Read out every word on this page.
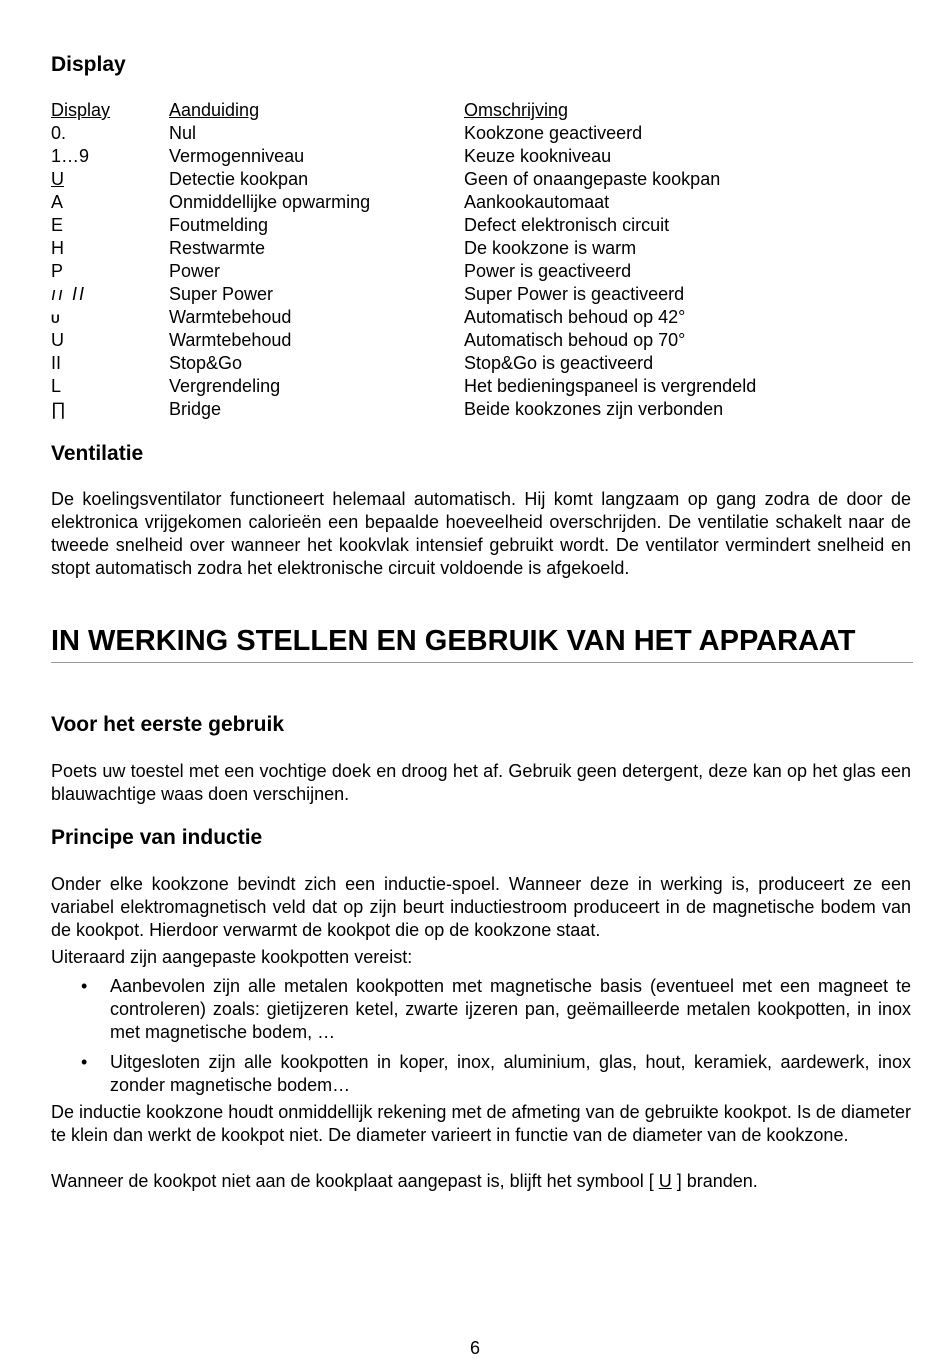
Display
Display	Aanduiding	Omschrijving
0.	Nul	Kookzone geactiveerd
1…9	Vermogenniveau	Keuze kookniveau
U	Detectie kookpan	Geen of onaangepaste kookpan
A	Onmiddellijke opwarming	Aankookautomaat
E	Foutmelding	Defect elektronisch circuit
H	Restwarmte	De kookzone is warm
P	Power	Power is geactiveerd
ıı II	Super Power	Super Power is geactiveerd
U	Warmtebehoud	Automatisch behoud op 42°
U	Warmtebehoud	Automatisch behoud op 70°
II	Stop&Go	Stop&Go is geactiveerd
L	Vergrendeling	Het bedieningspaneel is vergrendeld
∏	Bridge	Beide kookzones zijn verbonden
Ventilatie

De koelingsventilator functioneert helemaal automatisch. Hij komt langzaam op gang zodra de door de elektronica vrijgekomen calorieën een bepaalde hoeveelheid overschrijden. De ventilatie schakelt naar de tweede snelheid over wanneer het kookvlak intensief gebruikt wordt. De ventilator vermindert snelheid en stopt automatisch zodra het elektronische circuit voldoende is afgekoeld.

IN WERKING STELLEN EN GEBRUIK VAN HET APPARAAT
Voor het eerste gebruik

Poets uw toestel met een vochtige doek en droog het af. Gebruik geen detergent, deze kan op het glas een blauwachtige waas doen verschijnen.

Principe van inductie

Onder elke kookzone bevindt zich een inductie-spoel. Wanneer deze in werking is, produceert ze een variabel elektromagnetisch veld dat op zijn beurt inductiestroom produceert in de magnetische bodem van de kookpot. Hierdoor verwarmt de kookpot die op de kookzone staat.

Uiteraard zijn aangepaste kookpotten vereist:

• Aanbevolen zijn alle metalen kookpotten met magnetische basis (eventueel met een magneet te controleren) zoals: gietijzeren ketel, zwarte ijzeren pan, geëmailleerde metalen kookpotten, in inox met magnetische bodem, …
• Uitgesloten zijn alle kookpotten in koper, inox, aluminium, glas, hout, keramiek, aardewerk, inox zonder magnetische bodem…

De inductie kookzone houdt onmiddellijk rekening met de afmeting van de gebruikte kookpot. Is de diameter te klein dan werkt de kookpot niet. De diameter varieert in functie van de diameter van de kookzone.

Wanneer de kookpot niet aan de kookplaat aangepast is, blijft het symbool [ U ] branden.

6
